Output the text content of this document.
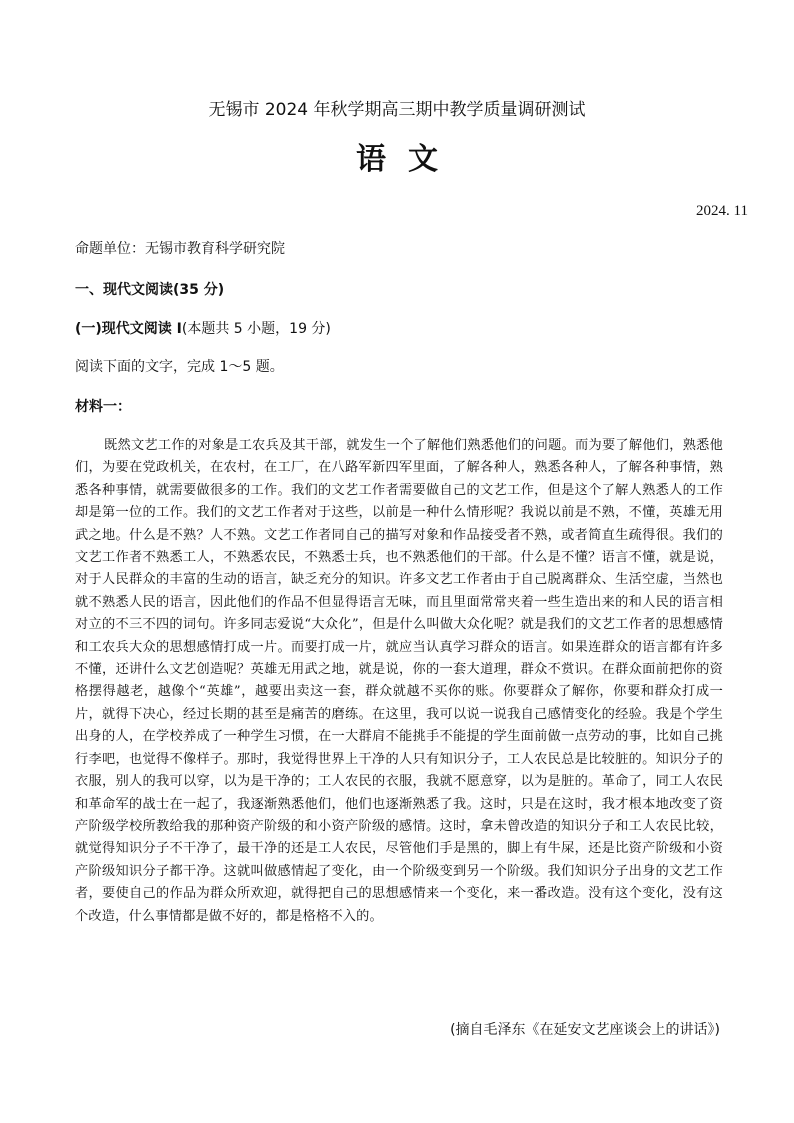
无锡市 2024 年秋学期高三期中教学质量调研测试
语文
2024. 11
命题单位：无锡市教育科学研究院
一、现代文阅读(35 分)
(一)现代文阅读 I(本题共 5 小题，19 分)
阅读下面的文字，完成 1～5 题。
材料一：

既然文艺工作的对象是工农兵及其干部，就发生一个了解他们熟悉他们的问题。而为要了解他们，熟悉他们，为要在党政机关，在农村，在工厂，在八路军新四军里面，了解各种人，熟悉各种人，了解各种事情，熟悉各种事情，就需要做很多的工作。我们的文艺工作者需要做自己的文艺工作，但是这个了解人熟悉人的工作却是第一位的工作。我们的文艺工作者对于这些，以前是一种什么情形呢？我说以前是不熟，不懂，英雄无用武之地。什么是不熟？人不熟。文艺工作者同自己的描写对象和作品接受者不熟，或者简直生疏得很。我们的文艺工作者不熟悉工人，不熟悉农民，不熟悉士兵，也不熟悉他们的干部。什么是不懂？语言不懂，就是说，对于人民群众的丰富的生动的语言，缺乏充分的知识。许多文艺工作者由于自己脱离群众、生活空虚，当然也就不熟悉人民的语言，因此他们的作品不但显得语言无味，而且里面常常夹着一些生造出来的和人民的语言相对立的不三不四的词句。许多同志爱说“大众化”，但是什么叫做大众化呢？就是我们的文艺工作者的思想感情和工农兵大众的思想感情打成一片。而要打成一片，就应当认真学习群众的语言。如果连群众的语言都有许多不懂，还讲什么文艺创造呢？英雄无用武之地，就是说，你的一套大道理，群众不赏识。在群众面前把你的资格摆得越老，越像个“英雄”，越要出卖这一套，群众就越不买你的账。你要群众了解你，你要和群众打成一片，就得下决心，经过长期的甚至是痛苦的磨练。在这里，我可以说一说我自己感情变化的经验。我是个学生出身的人，在学校养成了一种学生习惯，在一大群肩不能挑手不能提的学生面前做一点劳动的事，比如自己挑行李吧，也觉得不像样子。那时，我觉得世界上干净的人只有知识分子，工人农民总是比较脏的。知识分子的衣服，别人的我可以穿，以为是干净的；工人农民的衣服，我就不愿意穿，以为是脏的。革命了，同工人农民和革命军的战士在一起了，我逐渐熟悉他们，他们也逐渐熟悉了我。这时，只是在这时，我才根本地改变了资产阶级学校所教给我的那种资产阶级的和小资产阶级的感情。这时，拿未曾改造的知识分子和工人农民比较，就觉得知识分子不干净了，最干净的还是工人农民，尽管他们手是黑的，脚上有牛屎，还是比资产阶级和小资产阶级知识分子都干净。这就叫做感情起了变化，由一个阶级变到另一个阶级。我们知识分子出身的文艺工作者，要使自己的作品为群众所欢迎，就得把自己的思想感情来一个变化，来一番改造。没有这个变化，没有这个改造，什么事情都是做不好的，都是格格不入的。

(摘自毛泽东《在延安文艺座谈会上的讲话》)
